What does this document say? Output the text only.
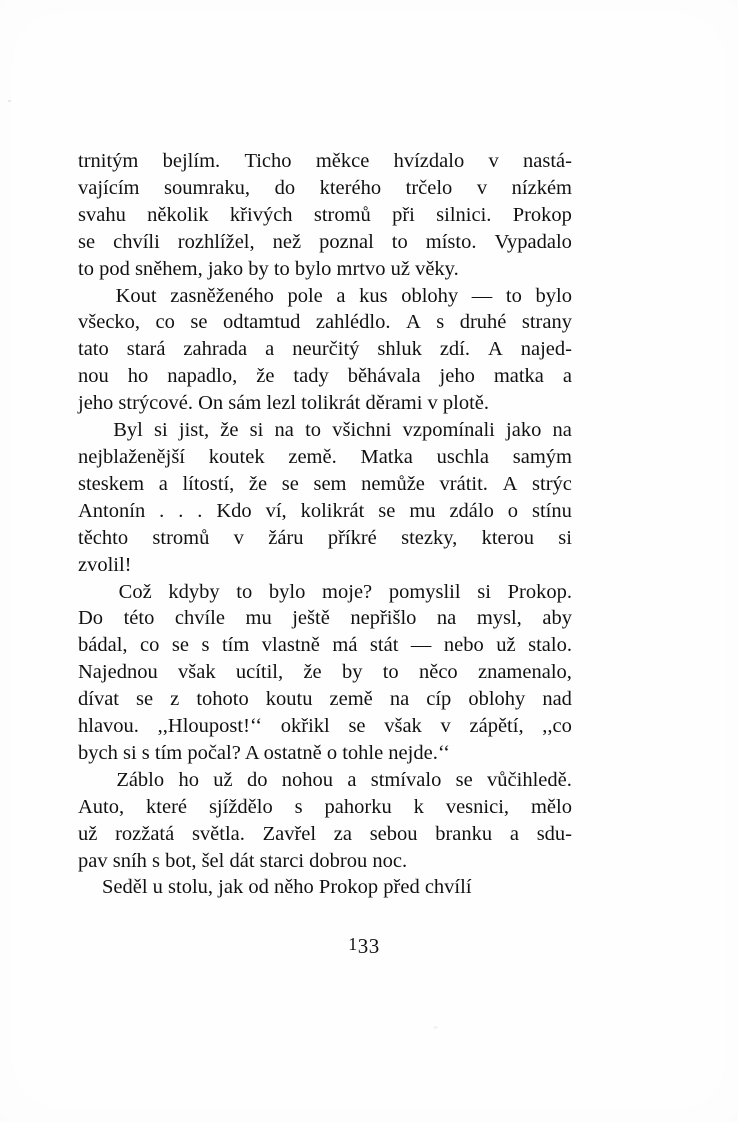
trnitým bejlím. Ticho měkce hvízdalo v nastá-
vajícím soumraku, do kterého trčelo v nízkém
svahu několik křivých stromů při silnici. Prokop
se chvíli rozhlížel, než poznal to místo. Vypadalo
to pod sněhem, jako by to bylo mrtvo už věky.
Kout zasněženého pole a kus oblohy — to bylo
všecko, co se odtamtud zahlédlo. A s druhé strany
tato stará zahrada a neurčitý shluk zdí. A najed-
nou ho napadlo, že tady běhávala jeho matka a
jeho strýcové. On sám lezl tolikrát děrami v plotě.
Byl si jist, že si na to všichni vzpomínali jako na
nejblaženější koutek země. Matka uschla samým
steskem a lítostí, že se sem nemůže vrátit. A strýc
Antonín . . . Kdo ví, kolikrát se mu zdálo o stínu
těchto stromů v žáru příkré stezky, kterou si
zvolil!
Což kdyby to bylo moje? pomyslil si Prokop.
Do této chvíle mu ještě nepřišlo na mysl, aby
bádal, co se s tím vlastně má stát — nebo už stalo.
Najednou však ucítil, že by to něco znamenalo,
dívat se z tohoto koutu země na cíp oblohy nad
hlavou. ,,Hloupost!‘‘ okřikl se však v zápětí, ,,co
bych si s tím počal? A ostatně o tohle nejde.‘‘
Záblo ho už do nohou a stmívalo se vůčihledě.
Auto, které sjíždělo s pahorku k vesnici, mělo
už rozžatá světla. Zavřel za sebou branku a sdu-
pav sníh s bot, šel dát starci dobrou noc.
Seděl u stolu, jak od něho Prokop před chvílí
133
